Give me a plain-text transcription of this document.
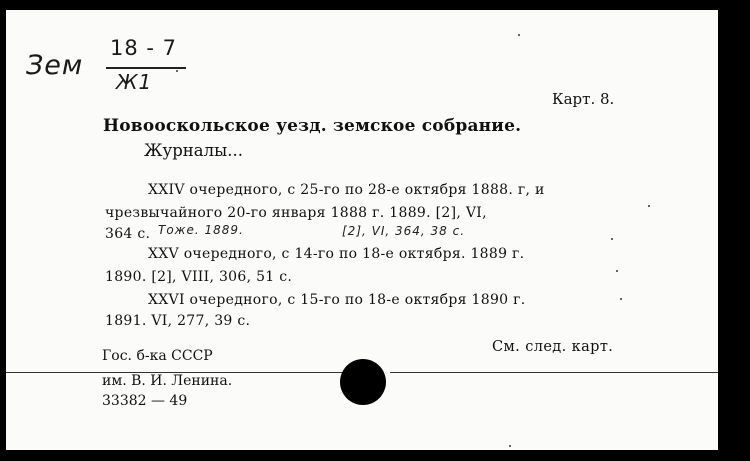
Зем
18 - 7
Ж1
Карт. 8.
Новооскольское уезд. земское собрание.
Журналы...
XXIV очередного, с 25-го по 28-е октября 1888. г, и
чрезвычайного 20-го января 1888 г. 1889. [2], VI,
364 с. Тоже. 1889.	[2], VI, 364, 38 с.
XXV очередного, с 14-го по 18-е октября. 1889 г.
1890. [2], VIII, 306, 51 с.
XXVI очередного, с 15-го по 18-е октября 1890 г.
1891. VI, 277, 39 с.
См. след. карт.
Гос. б-ка СССР
им. В. И. Ленина.
33382 — 49
